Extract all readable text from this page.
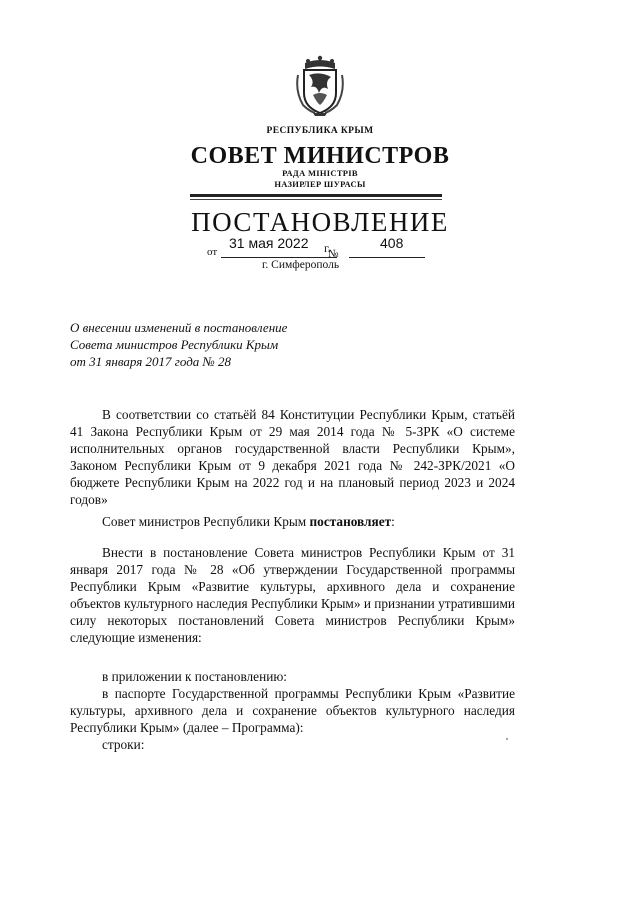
РЕСПУБЛИКА КРЫМ
СОВЕТ МИНИСТРОВ
РАДА МІНІСТРІВ
НАЗИРЛЕР ШУРАСЫ
ПОСТАНОВЛЕНИЕ
от
31 мая 2022 г.
№
408
г. Симферополь
О внесении изменений в постановление
Совета министров Республики Крым
от 31 января 2017 года № 28

В соответствии со статьёй 84 Конституции Республики Крым, статьёй 41 Закона Республики Крым от 29 мая 2014 года № 5-ЗРК «О системе исполнительных органов государственной власти Республики Крым», Законом Республики Крым от 9 декабря 2021 года № 242-ЗРК/2021 «О бюджете Республики Крым на 2022 год и на плановый период 2023 и 2024 годов»

Совет министров Республики Крым постановляет:

Внести в постановление Совета министров Республики Крым от 31 января 2017 года № 28 «Об утверждении Государственной программы Республики Крым «Развитие культуры, архивного дела и сохранение объектов культурного наследия Республики Крым» и признании утратившими силу некоторых постановлений Совета министров Республики Крым» следующие изменения:

в приложении к постановлению:

в паспорте Государственной программы Республики Крым «Развитие культуры, архивного дела и сохранение объектов культурного наследия Республики Крым» (далее – Программа):

строки:
